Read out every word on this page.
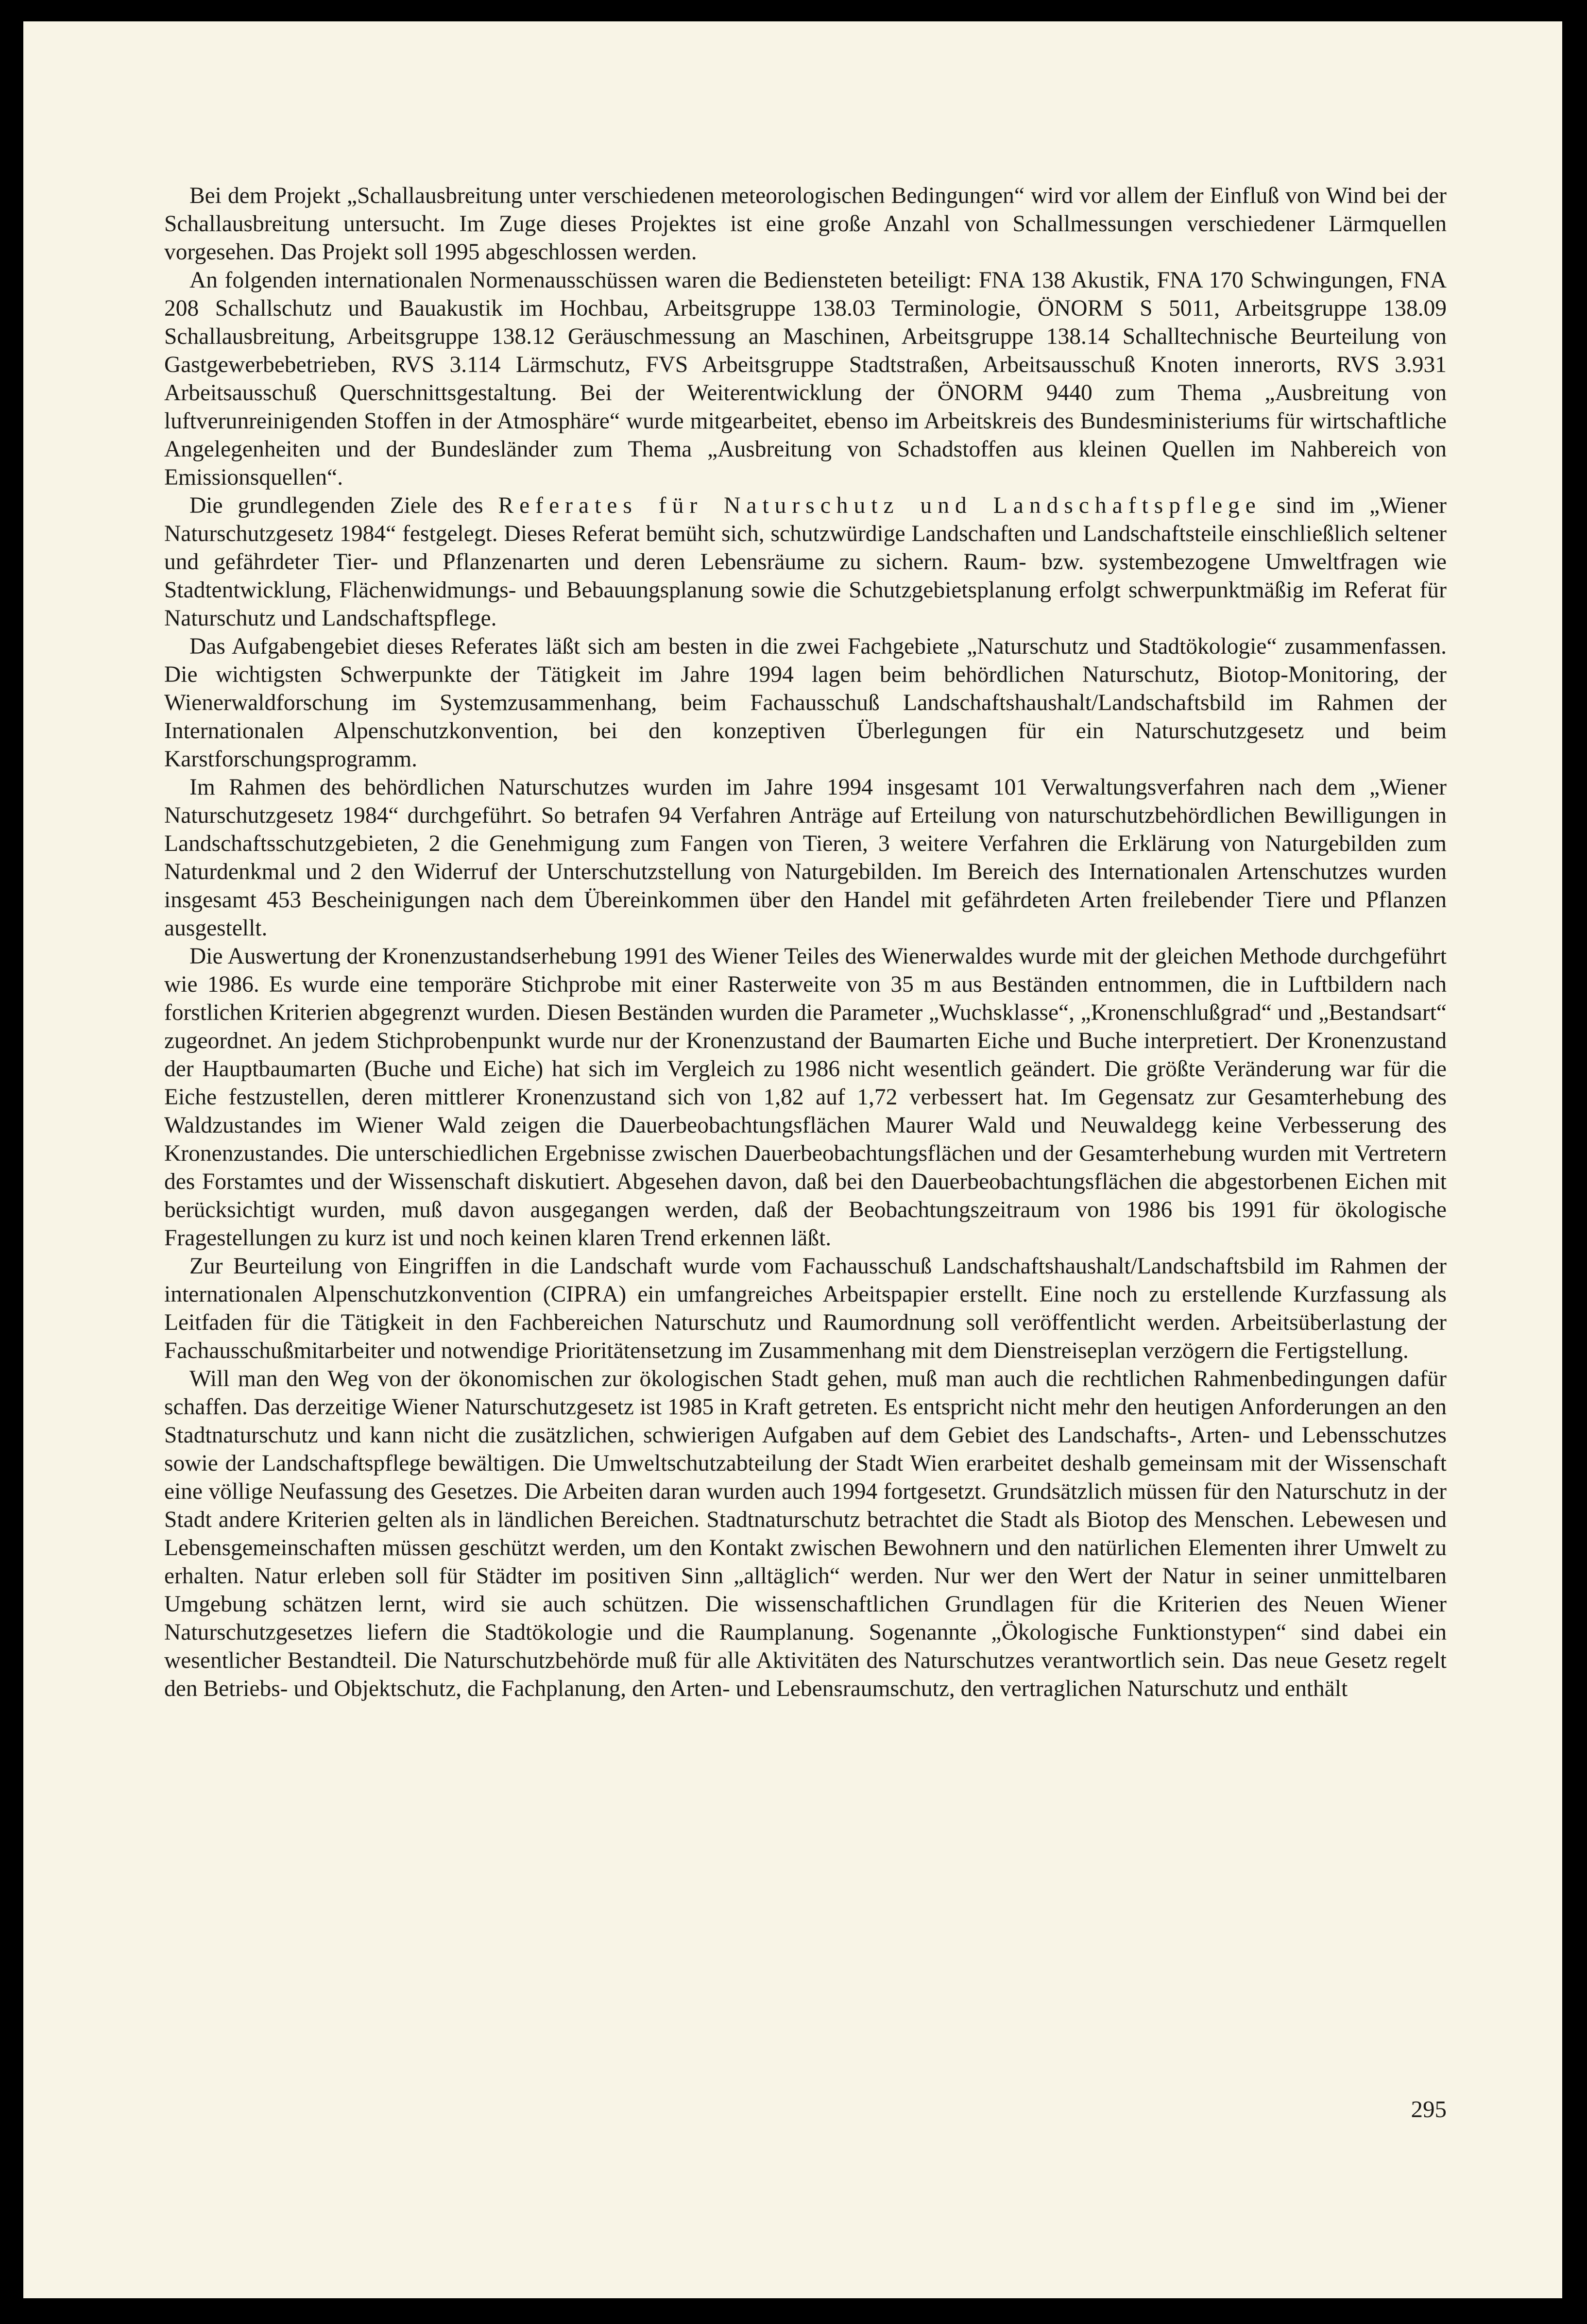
Bei dem Projekt „Schallausbreitung unter verschiedenen meteorologischen Bedingungen“ wird vor allem der Einfluß von Wind bei der Schallausbreitung untersucht. Im Zuge dieses Projektes ist eine große Anzahl von Schallmessungen verschiedener Lärmquellen vorgesehen. Das Projekt soll 1995 abgeschlossen werden.

An folgenden internationalen Normenausschüssen waren die Bediensteten beteiligt: FNA 138 Akustik, FNA 170 Schwingungen, FNA 208 Schallschutz und Bauakustik im Hochbau, Arbeitsgruppe 138.03 Terminologie, ÖNORM S 5011, Arbeitsgruppe 138.09 Schallausbreitung, Arbeitsgruppe 138.12 Geräuschmessung an Maschinen, Arbeitsgruppe 138.14 Schalltechnische Beurteilung von Gastgewerbebetrieben, RVS 3.114 Lärmschutz, FVS Arbeitsgruppe Stadtstraßen, Arbeitsausschuß Knoten innerorts, RVS 3.931 Arbeitsausschuß Querschnittsgestaltung. Bei der Weiterentwicklung der ÖNORM 9440 zum Thema „Ausbreitung von luftverunreinigenden Stoffen in der Atmosphäre“ wurde mitgearbeitet, ebenso im Arbeitskreis des Bundesministeriums für wirtschaftliche Angelegenheiten und der Bundesländer zum Thema „Ausbreitung von Schadstoffen aus kleinen Quellen im Nahbereich von Emissionsquellen“.

Die grundlegenden Ziele des Referates für Naturschutz und Landschaftspflege sind im „Wiener Naturschutzgesetz 1984“ festgelegt. Dieses Referat bemüht sich, schutzwürdige Landschaften und Landschaftsteile einschließlich seltener und gefährdeter Tier- und Pflanzenarten und deren Lebensräume zu sichern. Raum- bzw. systembezogene Umweltfragen wie Stadtentwicklung, Flächenwidmungs- und Bebauungsplanung sowie die Schutzgebietsplanung erfolgt schwerpunktmäßig im Referat für Naturschutz und Landschaftspflege.

Das Aufgabengebiet dieses Referates läßt sich am besten in die zwei Fachgebiete „Naturschutz und Stadtökologie“ zusammenfassen. Die wichtigsten Schwerpunkte der Tätigkeit im Jahre 1994 lagen beim behördlichen Naturschutz, Biotop-Monitoring, der Wienerwaldforschung im Systemzusammenhang, beim Fachausschuß Landschaftshaushalt/Landschaftsbild im Rahmen der Internationalen Alpenschutzkonvention, bei den konzeptiven Überlegungen für ein Naturschutzgesetz und beim Karstforschungsprogramm.

Im Rahmen des behördlichen Naturschutzes wurden im Jahre 1994 insgesamt 101 Verwaltungsverfahren nach dem „Wiener Naturschutzgesetz 1984“ durchgeführt. So betrafen 94 Verfahren Anträge auf Erteilung von naturschutzbehördlichen Bewilligungen in Landschaftsschutzgebieten, 2 die Genehmigung zum Fangen von Tieren, 3 weitere Verfahren die Erklärung von Naturgebilden zum Naturdenkmal und 2 den Widerruf der Unterschutzstellung von Naturgebilden. Im Bereich des Internationalen Artenschutzes wurden insgesamt 453 Bescheinigungen nach dem Übereinkommen über den Handel mit gefährdeten Arten freilebender Tiere und Pflanzen ausgestellt.

Die Auswertung der Kronenzustandserhebung 1991 des Wiener Teiles des Wienerwaldes wurde mit der gleichen Methode durchgeführt wie 1986. Es wurde eine temporäre Stichprobe mit einer Rasterweite von 35 m aus Beständen entnommen, die in Luftbildern nach forstlichen Kriterien abgegrenzt wurden. Diesen Beständen wurden die Parameter „Wuchsklasse“, „Kronenschlußgrad“ und „Bestandsart“ zugeordnet. An jedem Stichprobenpunkt wurde nur der Kronenzustand der Baumarten Eiche und Buche interpretiert. Der Kronenzustand der Hauptbaumarten (Buche und Eiche) hat sich im Vergleich zu 1986 nicht wesentlich geändert. Die größte Veränderung war für die Eiche festzustellen, deren mittlerer Kronenzustand sich von 1,82 auf 1,72 verbessert hat. Im Gegensatz zur Gesamterhebung des Waldzustandes im Wiener Wald zeigen die Dauerbeobachtungsflächen Maurer Wald und Neuwaldegg keine Verbesserung des Kronenzustandes. Die unterschiedlichen Ergebnisse zwischen Dauerbeobachtungsflächen und der Gesamterhebung wurden mit Vertretern des Forstamtes und der Wissenschaft diskutiert. Abgesehen davon, daß bei den Dauerbeobachtungsflächen die abgestorbenen Eichen mit berücksichtigt wurden, muß davon ausgegangen werden, daß der Beobachtungszeitraum von 1986 bis 1991 für ökologische Fragestellungen zu kurz ist und noch keinen klaren Trend erkennen läßt.

Zur Beurteilung von Eingriffen in die Landschaft wurde vom Fachausschuß Landschaftshaushalt/Landschaftsbild im Rahmen der internationalen Alpenschutzkonvention (CIPRA) ein umfangreiches Arbeitspapier erstellt. Eine noch zu erstellende Kurzfassung als Leitfaden für die Tätigkeit in den Fachbereichen Naturschutz und Raumordnung soll veröffentlicht werden. Arbeitsüberlastung der Fachausschußmitarbeiter und notwendige Prioritätensetzung im Zusammenhang mit dem Dienstreiseplan verzögern die Fertigstellung.

Will man den Weg von der ökonomischen zur ökologischen Stadt gehen, muß man auch die rechtlichen Rahmenbedingungen dafür schaffen. Das derzeitige Wiener Naturschutzgesetz ist 1985 in Kraft getreten. Es entspricht nicht mehr den heutigen Anforderungen an den Stadtnaturschutz und kann nicht die zusätzlichen, schwierigen Aufgaben auf dem Gebiet des Landschafts-, Arten- und Lebensschutzes sowie der Landschaftspflege bewältigen. Die Umweltschutzabteilung der Stadt Wien erarbeitet deshalb gemeinsam mit der Wissenschaft eine völlige Neufassung des Gesetzes. Die Arbeiten daran wurden auch 1994 fortgesetzt. Grundsätzlich müssen für den Naturschutz in der Stadt andere Kriterien gelten als in ländlichen Bereichen. Stadtnaturschutz betrachtet die Stadt als Biotop des Menschen. Lebewesen und Lebensgemeinschaften müssen geschützt werden, um den Kontakt zwischen Bewohnern und den natürlichen Elementen ihrer Umwelt zu erhalten. Natur erleben soll für Städter im positiven Sinn „alltäglich“ werden. Nur wer den Wert der Natur in seiner unmittelbaren Umgebung schätzen lernt, wird sie auch schützen. Die wissenschaftlichen Grundlagen für die Kriterien des Neuen Wiener Naturschutzgesetzes liefern die Stadtökologie und die Raumplanung. Sogenannte „Ökologische Funktionstypen“ sind dabei ein wesentlicher Bestandteil. Die Naturschutzbehörde muß für alle Aktivitäten des Naturschutzes verantwortlich sein. Das neue Gesetz regelt den Betriebs- und Objektschutz, die Fachplanung, den Arten- und Lebensraumschutz, den vertraglichen Naturschutz und enthält

295
